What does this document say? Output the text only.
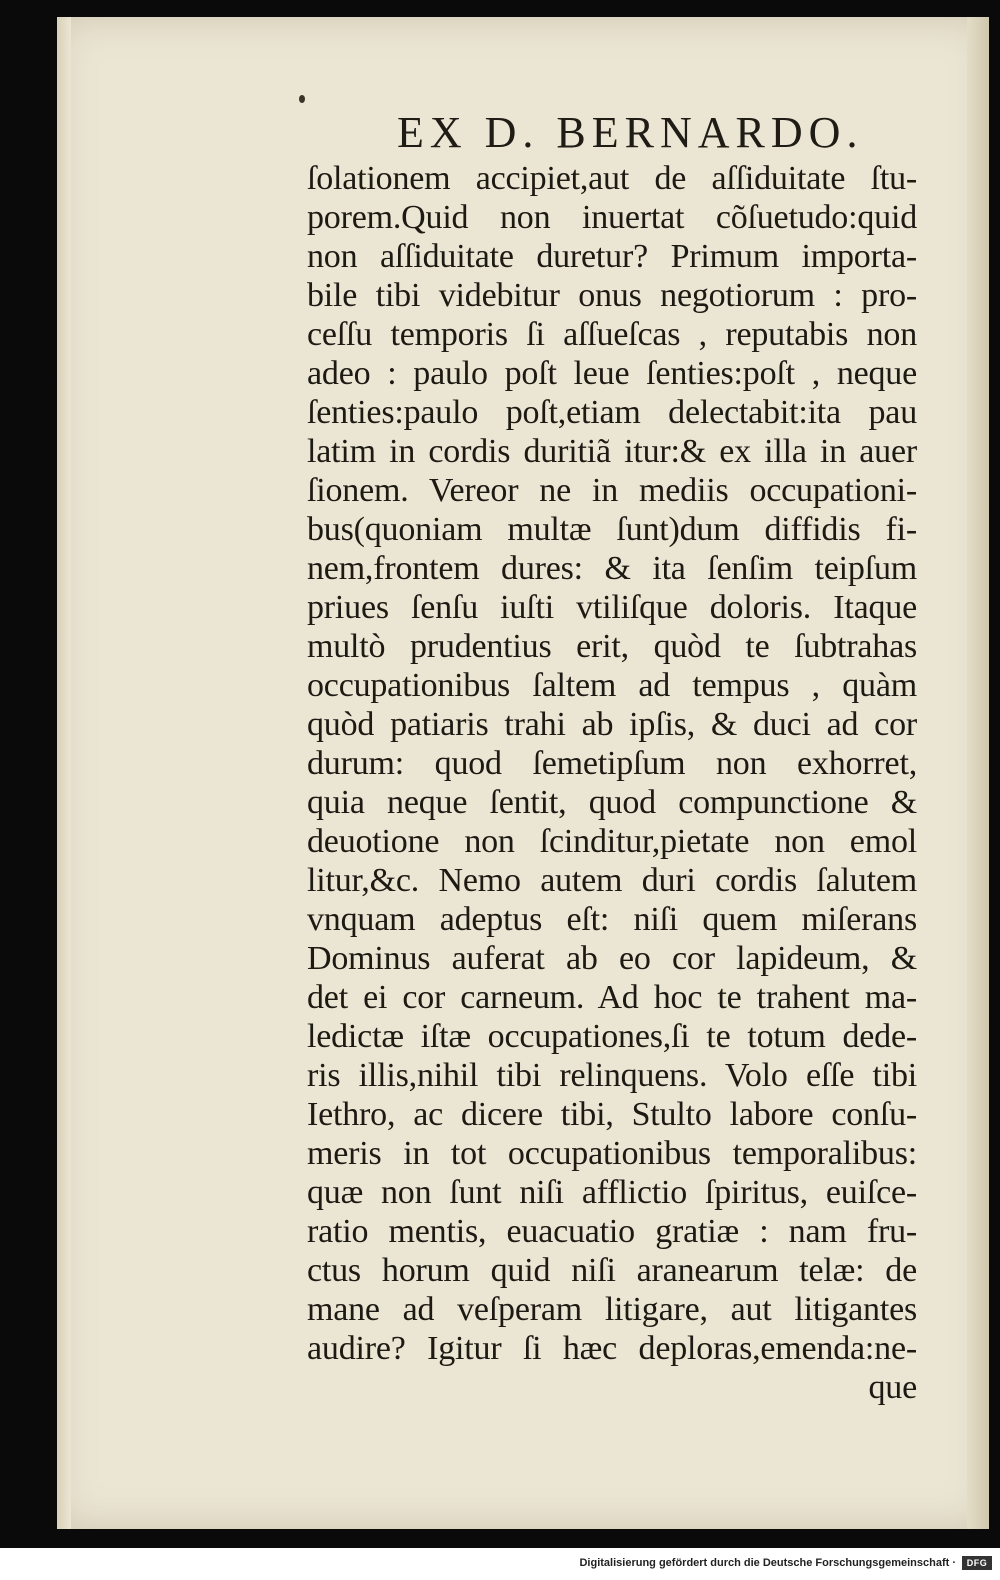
EX D. BERNARDO.
ſolationem accipiet,aut de aſſiduitate ſtu-
porem.Quid non inuertat cõſuetudo:quid
non aſſiduitate duretur? Primum importa-
bile tibi videbitur onus negotiorum : pro-
ceſſu temporis ſi aſſueſcas , reputabis non
adeo : paulo poſt leue ſenties:poſt , neque
ſenties:paulo poſt,etiam delectabit:ita pau
latim in cordis duritiã itur:& ex illa in auer
ſionem. Vereor ne in mediis occupationi-
bus(quoniam multæ ſunt)dum diffidis fi-
nem,frontem dures: & ita ſenſim teipſum
priues ſenſu iuſti vtiliſque doloris. Itaque
multò prudentius erit, quòd te ſubtrahas
occupationibus ſaltem ad tempus , quàm
quòd patiaris trahi ab ipſis, & duci ad cor
durum: quod ſemetipſum non exhorret,
quia neque ſentit, quod compunctione &
deuotione non ſcinditur,pietate non emol
litur,&c. Nemo autem duri cordis ſalutem
vnquam adeptus eſt: niſi quem miſerans
Dominus auferat ab eo cor lapideum, &
det ei cor carneum. Ad hoc te trahent ma-
ledictæ iſtæ occupationes,ſi te totum dede-
ris illis,nihil tibi relinquens. Volo eſſe tibi
Iethro, ac dicere tibi, Stulto labore conſu-
meris in tot occupationibus temporalibus:
quæ non ſunt niſi afflictio ſpiritus, euiſce-
ratio mentis, euacuatio gratiæ : nam fru-
ctus horum quid niſi aranearum telæ: de
mane ad veſperam litigare, aut litigantes
audire? Igitur ſi hæc deploras,emenda:ne-
que
Digitalisierung gefördert durch die Deutsche Forschungsgemeinschaft ·	DFG
